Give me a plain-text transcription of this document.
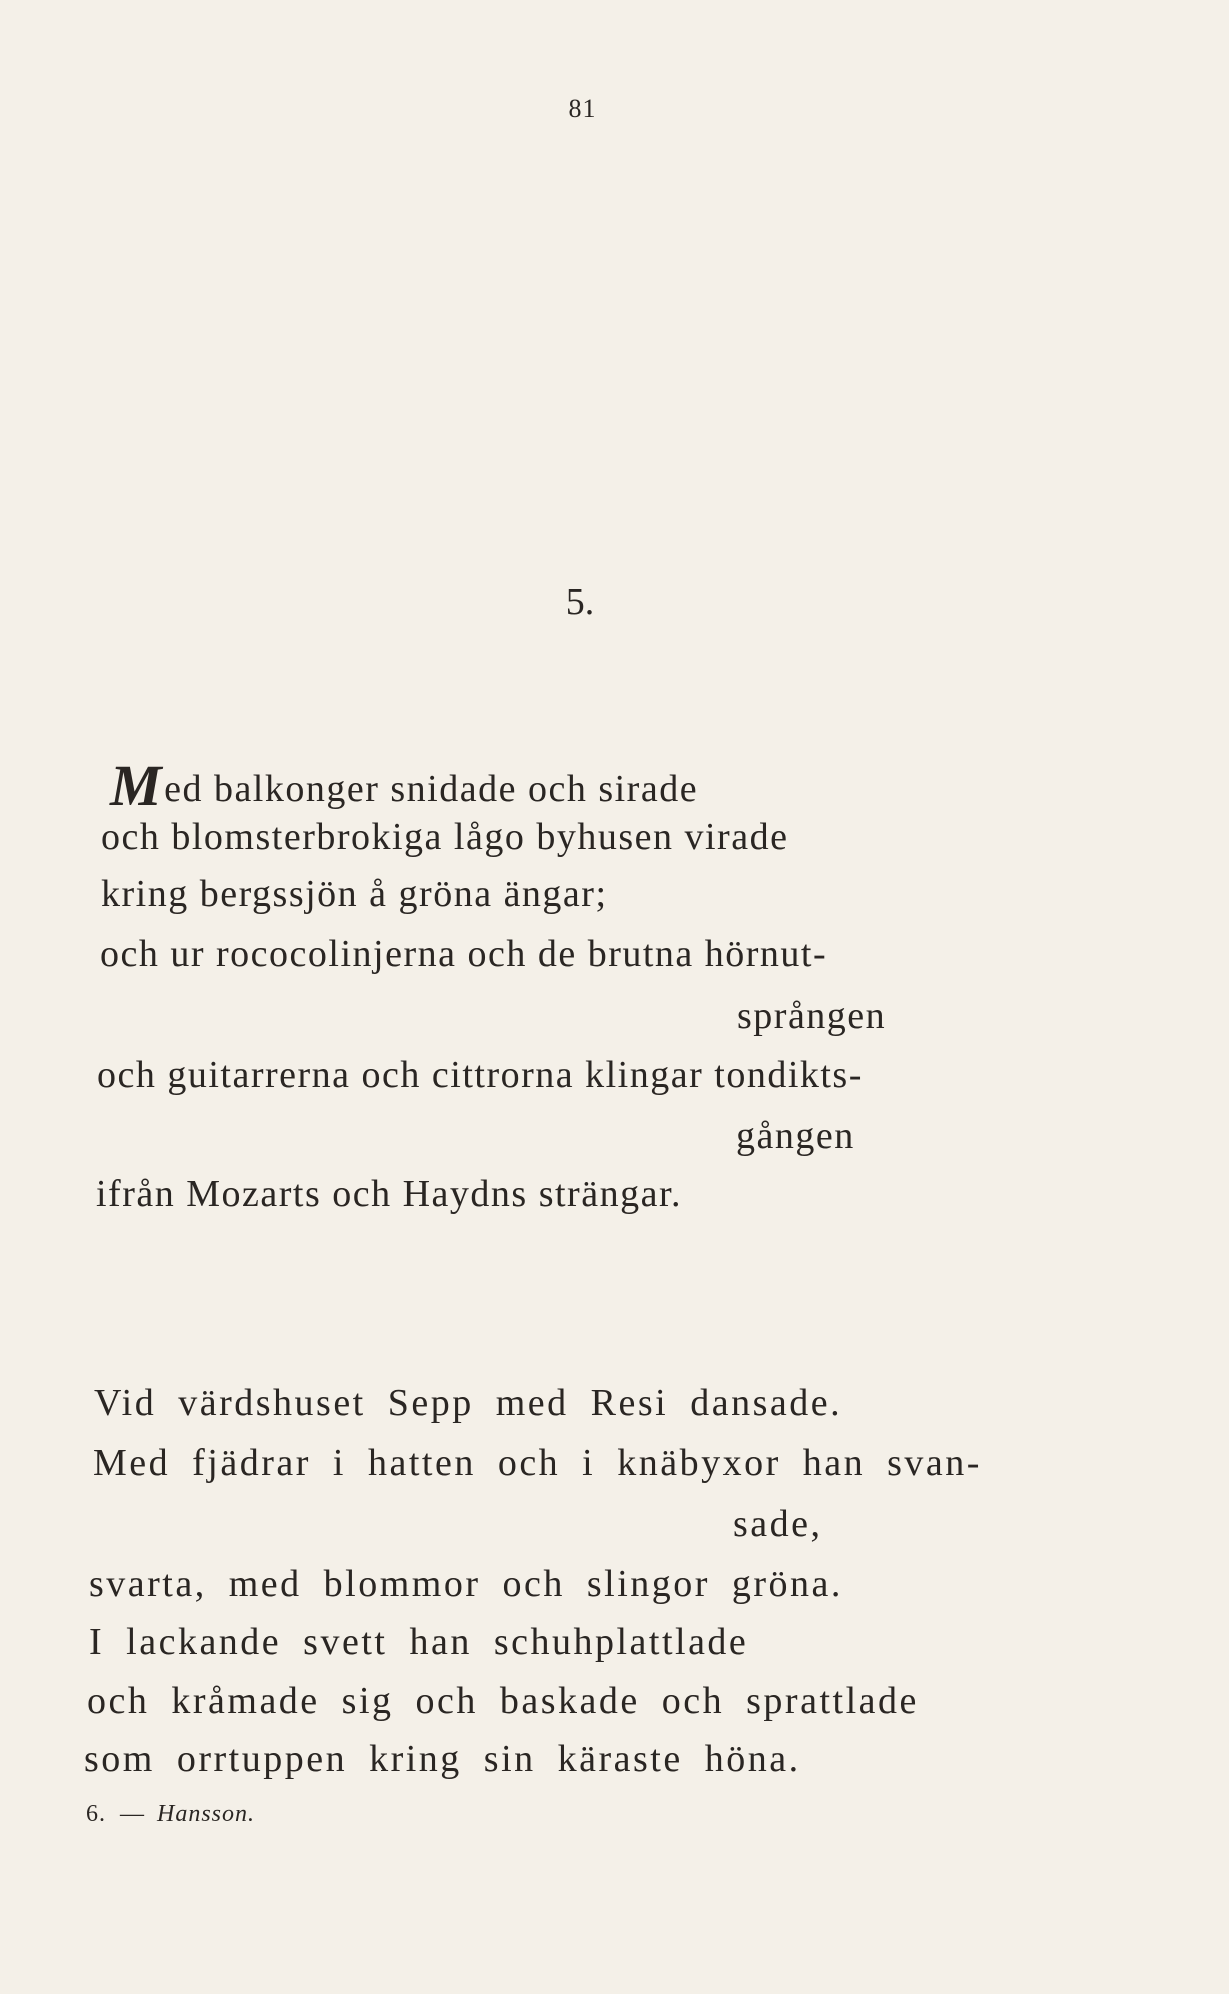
81
5.
Med balkonger snidade och sirade
och blomsterbrokiga lågo byhusen virade
kring bergssjön å gröna ängar;
och ur rococolinjerna och de brutna hörnut-
sprången
och guitarrerna och cittrorna klingar tondikts-
gången
ifrån Mozarts och Haydns strängar.
Vid värdshuset Sepp med Resi dansade.
Med fjädrar i hatten och i knäbyxor han svan-
sade,
svarta, med blommor och slingor gröna.
I lackande svett han schuhplattlade
och kråmade sig och baskade och sprattlade
som orrtuppen kring sin käraste höna.
6. — Hansson.
